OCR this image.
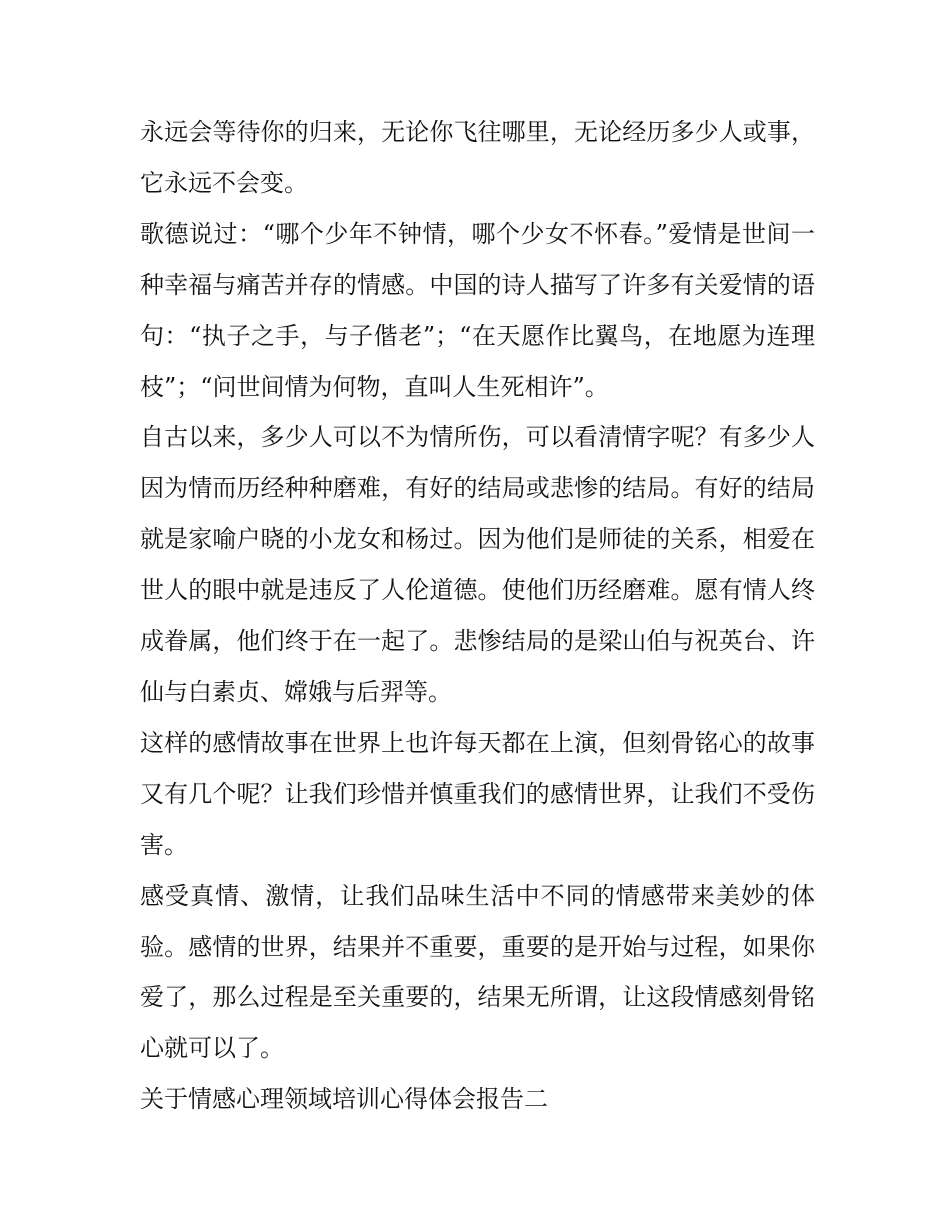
永远会等待你的归来，无论你飞往哪里，无论经历多少人或事，它永远不会变。

歌德说过：“哪个少年不钟情，哪个少女不怀春。”爱情是世间一种幸福与痛苦并存的情感。中国的诗人描写了许多有关爱情的语句：“执子之手，与子偕老”；“在天愿作比翼鸟，在地愿为连理枝”；“问世间情为何物，直叫人生死相许”。

自古以来，多少人可以不为情所伤，可以看清情字呢？有多少人因为情而历经种种磨难，有好的结局或悲惨的结局。有好的结局就是家喻户晓的小龙女和杨过。因为他们是师徒的关系，相爱在世人的眼中就是违反了人伦道德。使他们历经磨难。愿有情人终成眷属，他们终于在一起了。悲惨结局的是梁山伯与祝英台、许仙与白素贞、嫦娥与后羿等。

这样的感情故事在世界上也许每天都在上演，但刻骨铭心的故事又有几个呢？让我们珍惜并慎重我们的感情世界，让我们不受伤害。

感受真情、激情，让我们品味生活中不同的情感带来美妙的体验。感情的世界，结果并不重要，重要的是开始与过程，如果你爱了，那么过程是至关重要的，结果无所谓，让这段情感刻骨铭心就可以了。

关于情感心理领域培训心得体会报告二
